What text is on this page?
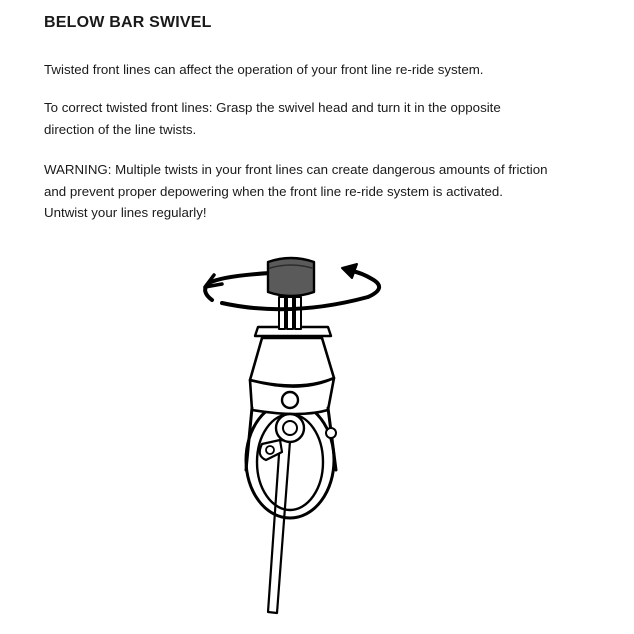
BELOW BAR SWIVEL

Twisted front lines can affect the operation of your front line re-ride system.

To correct twisted front lines: Grasp the swivel head and turn it in the opposite
direction of the line twists.

WARNING: Multiple twists in your front lines can create dangerous amounts of friction
and prevent proper depowering when the front line re-ride system is activated.
Untwist your lines regularly!
